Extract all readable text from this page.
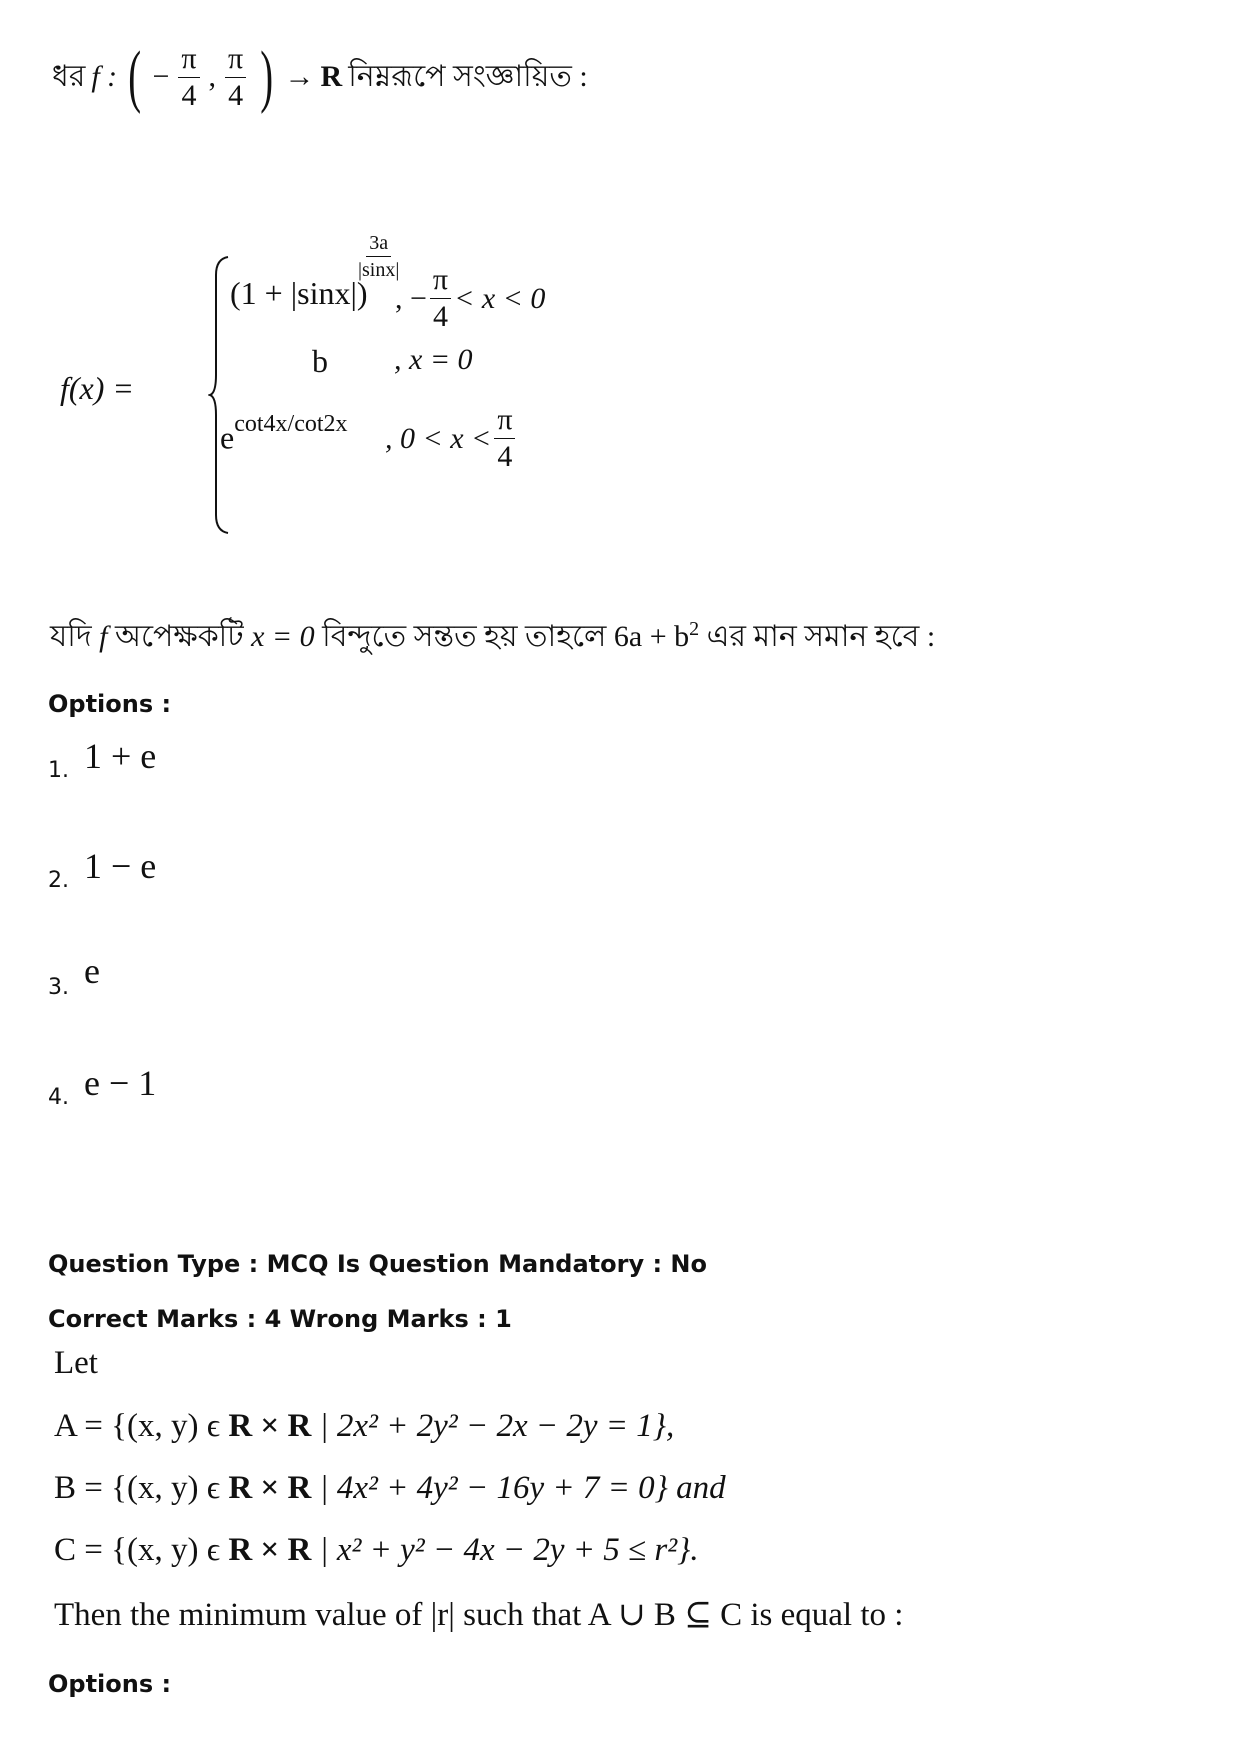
ধর f : ( − $\frac{\pi}{4}$ , $\frac{\pi}{4}$ ) → R নিম্নরূপে সংজ্ঞায়িত :
f(x) =
(1 + |sinx|)
$\frac{3a}{|\sin x|}$
, − $\frac{\pi}{4} < x < 0$
b , x = 0
$e^{cot4x/cot2x}$ , $0 < x < \frac{\pi}{4}$
যদি f অপেক্ষকটি x = 0 বিন্দুতে সন্তত হয় তাহলে $6a + b^2$ এর মান সমান হবে :
Options :
1. 1 + e
2. 1 − e
3. e
4. e − 1
Question Type : MCQ Is Question Mandatory : No
Correct Marks : 4 Wrong Marks : 1
Let
A = {(x, y) ϵ R × R | 2x² + 2y² − 2x − 2y = 1},
B = {(x, y) ϵ R × R | 4x² + 4y² − 16y + 7 = 0} and
C = {(x, y) ϵ R × R | x² + y² − 4x − 2y + 5 ≤ r²}.
Then the minimum value of |r| such that A ∪ B ⊆ C is equal to :
Options :
